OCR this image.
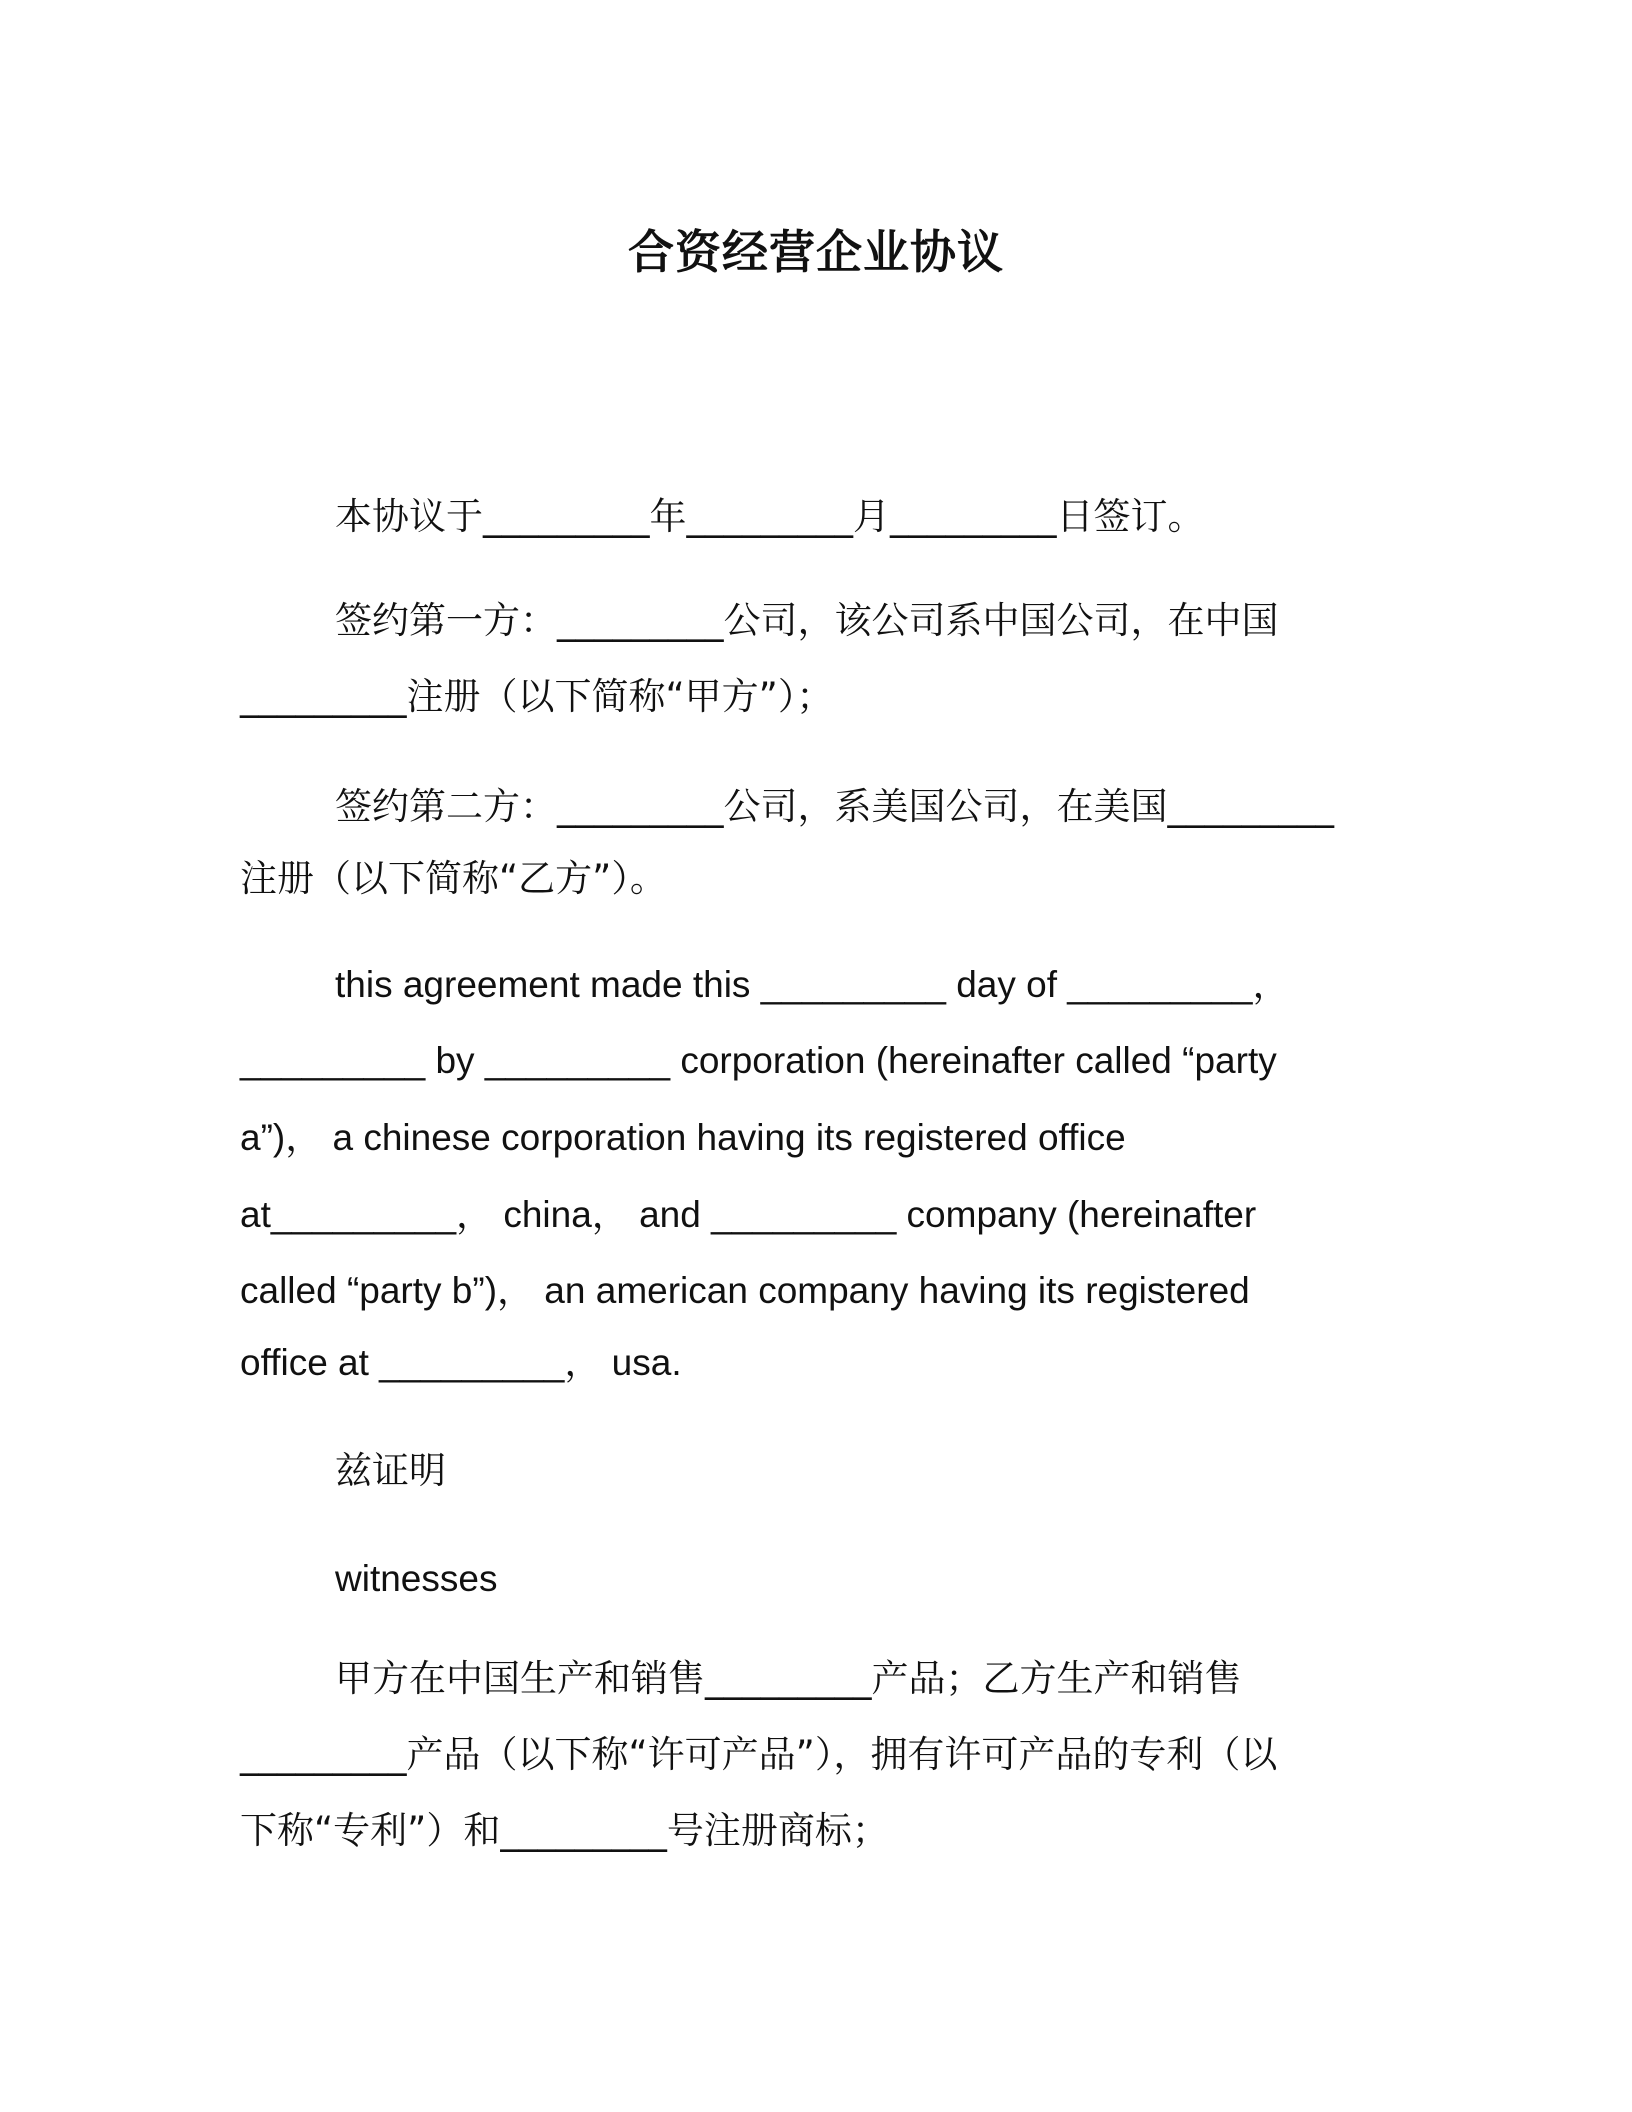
合资经营企业协议
本协议于_________年_________月_________日签订。
签约第一方：_________公司，该公司系中国公司，在中国
_________注册（以下简称“甲方”）；
签约第二方：_________公司，系美国公司，在美国_________
注册（以下简称“乙方”）。
this agreement made this _________ day of _________，
_________ by _________ corporation (hereinafter called “party
a”)， a chinese corporation having its registered office
at_________， china， and _________ company (hereinafter
called “party b”)， an american company having its registered
office at _________， usa.
兹证明
witnesses
甲方在中国生产和销售_________产品；乙方生产和销售
_________产品（以下称“许可产品”），拥有许可产品的专利（以
下称“专利”）和_________号注册商标；
